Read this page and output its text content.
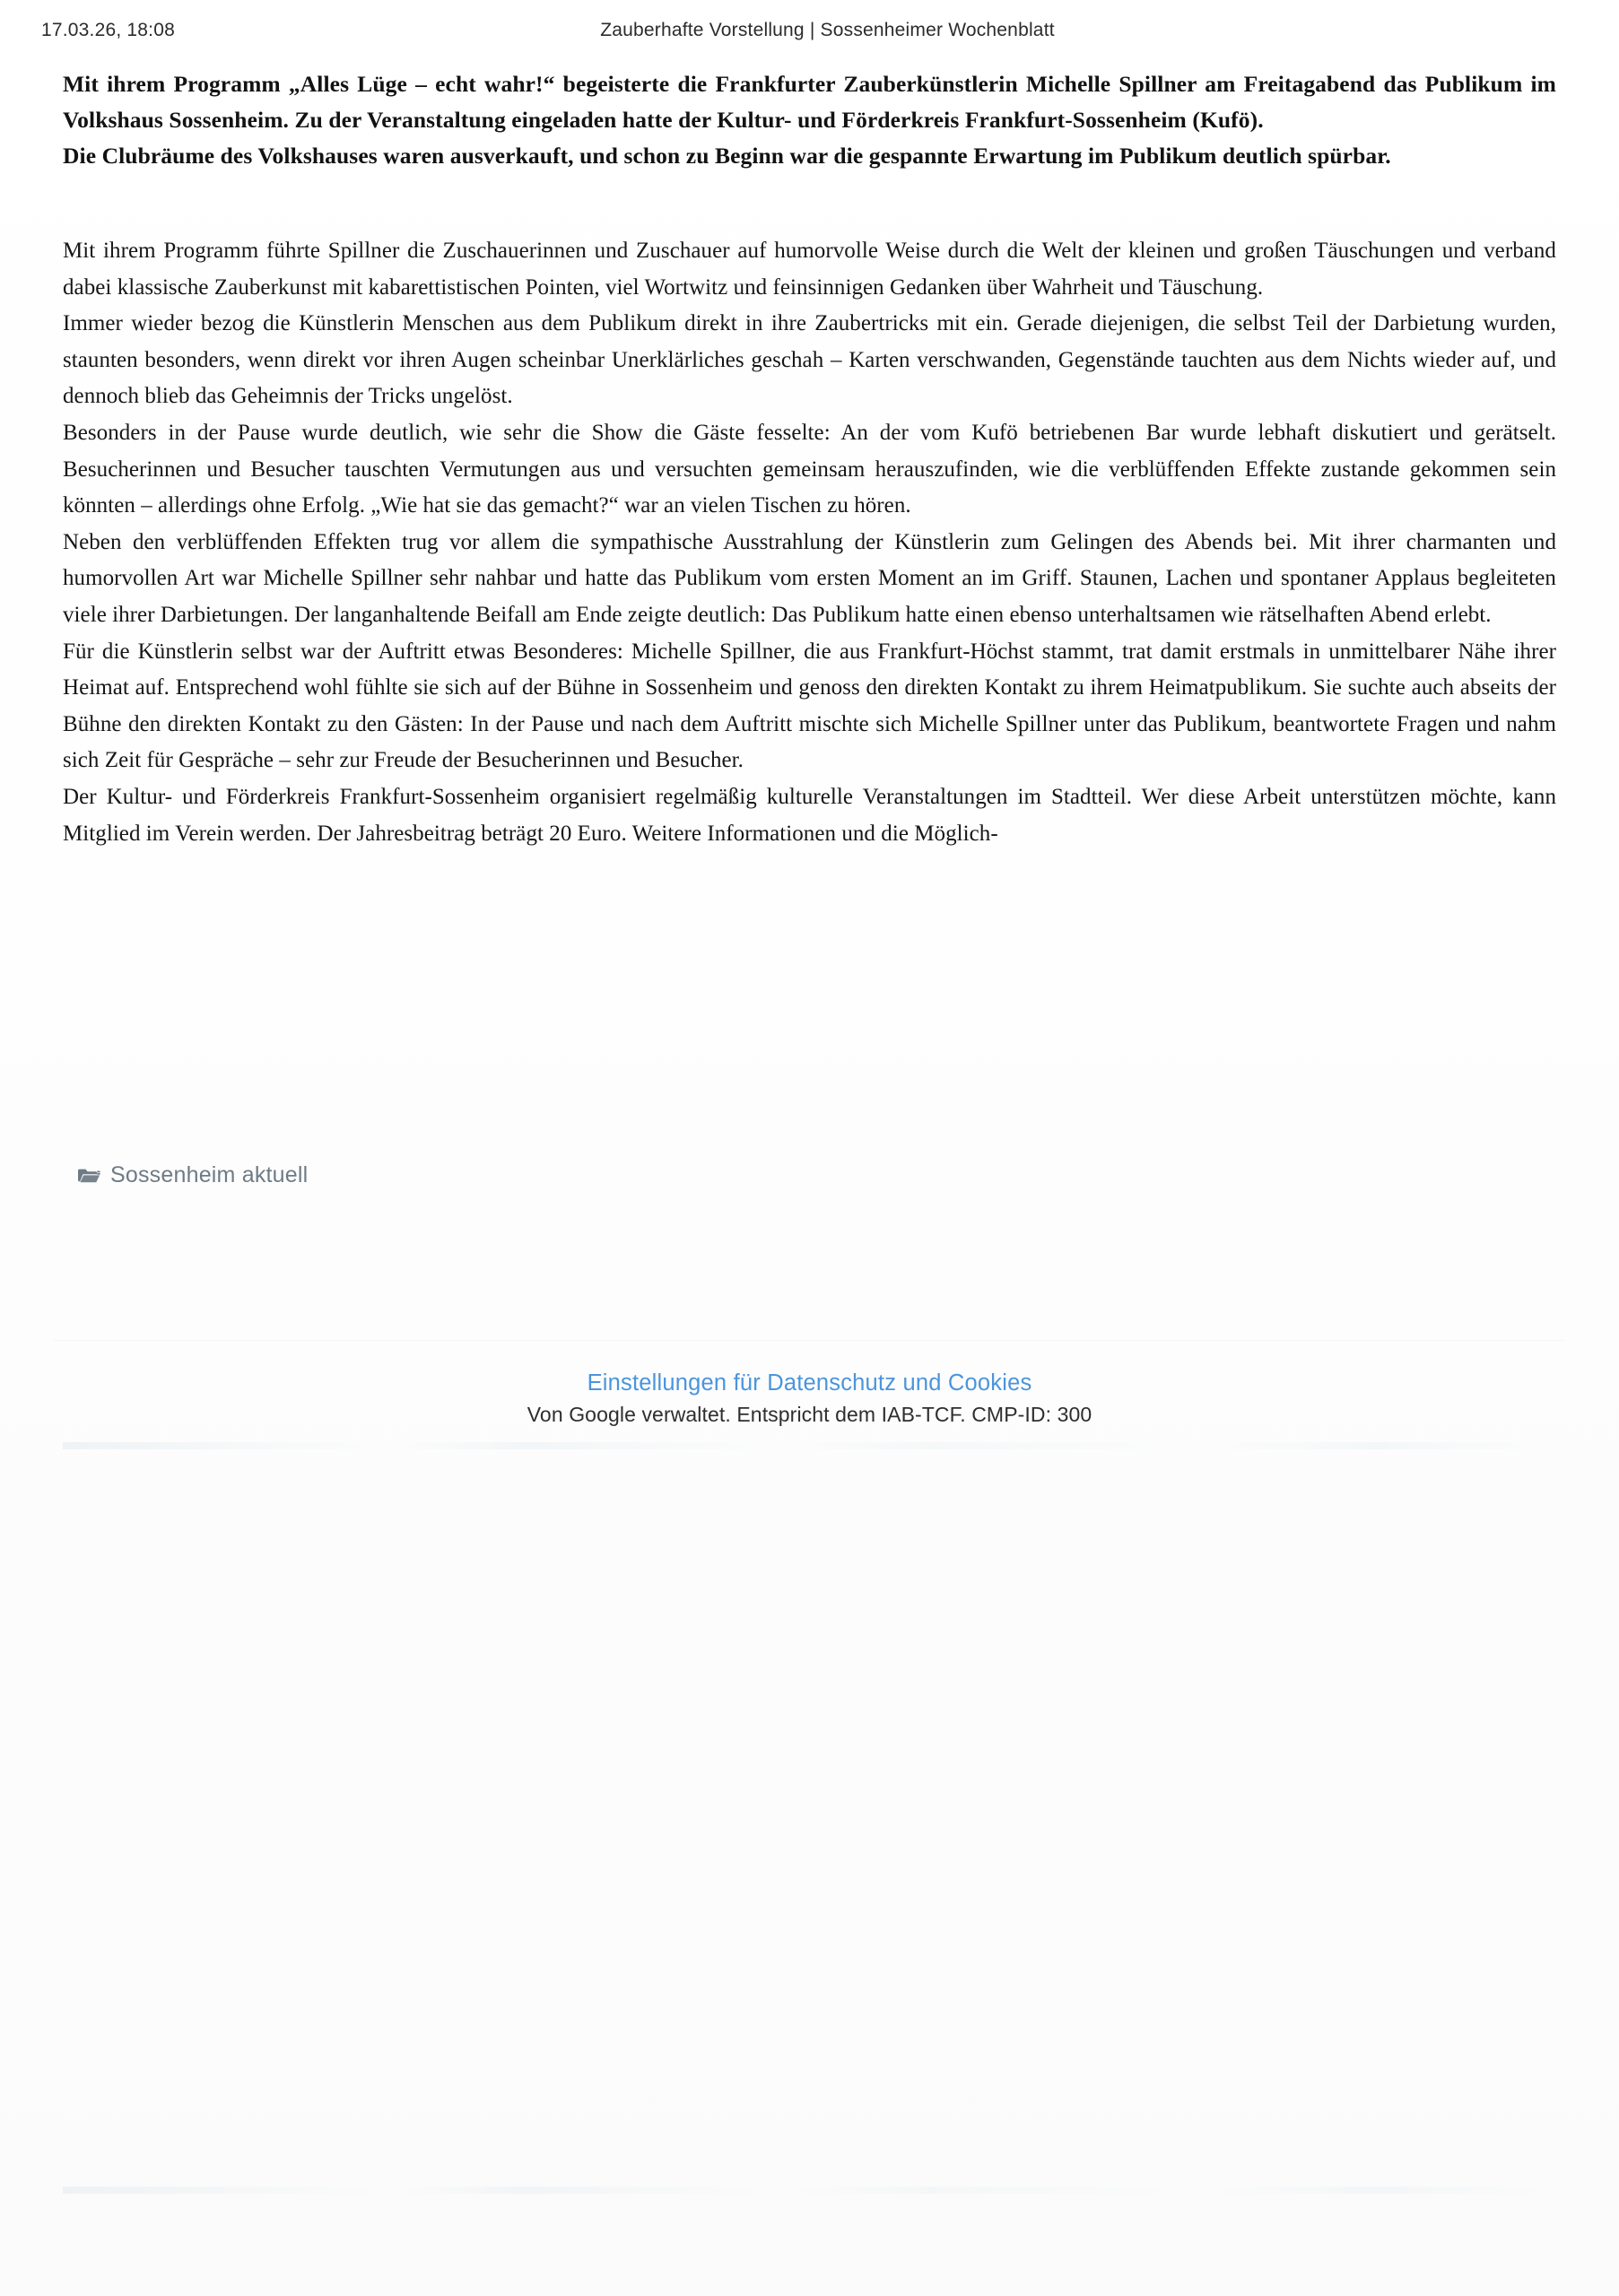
17.03.26, 18:08	Zauberhafte Vorstellung | Sossenheimer Wochenblatt

Mit ihrem Programm „Alles Lüge – echt wahr!“ begeisterte die Frankfurter Zauberkünstlerin Michelle Spillner am Freitagabend das Publikum im Volkshaus Sossenheim. Zu der Veranstaltung eingeladen hatte der Kultur- und Förderkreis Frankfurt-Sossenheim (Kufö).

Die Clubräume des Volkshauses waren ausverkauft, und schon zu Beginn war die gespannte Erwartung im Publikum deutlich spürbar.

Mit ihrem Programm führte Spillner die Zuschauerinnen und Zuschauer auf humorvolle Weise durch die Welt der kleinen und großen Täuschungen und verband dabei klassische Zauberkunst mit kabarettistischen Pointen, viel Wortwitz und feinsinnigen Gedanken über Wahrheit und Täuschung.

Immer wieder bezog die Künstlerin Menschen aus dem Publikum direkt in ihre Zaubertricks mit ein. Gerade diejenigen, die selbst Teil der Darbietung wurden, staunten besonders, wenn direkt vor ihren Augen scheinbar Unerklärliches geschah – Karten verschwanden, Gegenstände tauchten aus dem Nichts wieder auf, und dennoch blieb das Geheimnis der Tricks ungelöst.

Besonders in der Pause wurde deutlich, wie sehr die Show die Gäste fesselte: An der vom Kufö betriebenen Bar wurde lebhaft diskutiert und gerätselt. Besucherinnen und Besucher tauschten Vermutungen aus und versuchten gemeinsam herauszufinden, wie die verblüffenden Effekte zustande gekommen sein könnten – allerdings ohne Erfolg. „Wie hat sie das gemacht?“ war an vielen Tischen zu hören.

Neben den verblüffenden Effekten trug vor allem die sympathische Ausstrahlung der Künstlerin zum Gelingen des Abends bei. Mit ihrer charmanten und humorvollen Art war Michelle Spillner sehr nahbar und hatte das Publikum vom ersten Moment an im Griff. Staunen, Lachen und spontaner Applaus begleiteten viele ihrer Darbietungen. Der langanhaltende Beifall am Ende zeigte deutlich: Das Publikum hatte einen ebenso unterhaltsamen wie rätselhaften Abend erlebt.

Für die Künstlerin selbst war der Auftritt etwas Besonderes: Michelle Spillner, die aus Frankfurt-Höchst stammt, trat damit erstmals in unmittelbarer Nähe ihrer Heimat auf. Entsprechend wohl fühlte sie sich auf der Bühne in Sossenheim und genoss den direkten Kontakt zu ihrem Heimatpublikum. Sie suchte auch abseits der Bühne den direkten Kontakt zu den Gästen: In der Pause und nach dem Auftritt mischte sich Michelle Spillner unter das Publikum, beantwortete Fragen und nahm sich Zeit für Gespräche – sehr zur Freude der Besucherinnen und Besucher.

Der Kultur- und Förderkreis Frankfurt-Sossenheim organisiert regelmäßig kulturelle Veranstaltungen im Stadtteil. Wer diese Arbeit unterstützen möchte, kann Mitglied im Verein werden. Der Jahresbeitrag beträgt 20 Euro. Weitere Informationen und die Möglich-

Sossenheim aktuell
Einstellungen für Datenschutz und Cookies
Von Google verwaltet. Entspricht dem IAB-TCF. CMP-ID: 300
